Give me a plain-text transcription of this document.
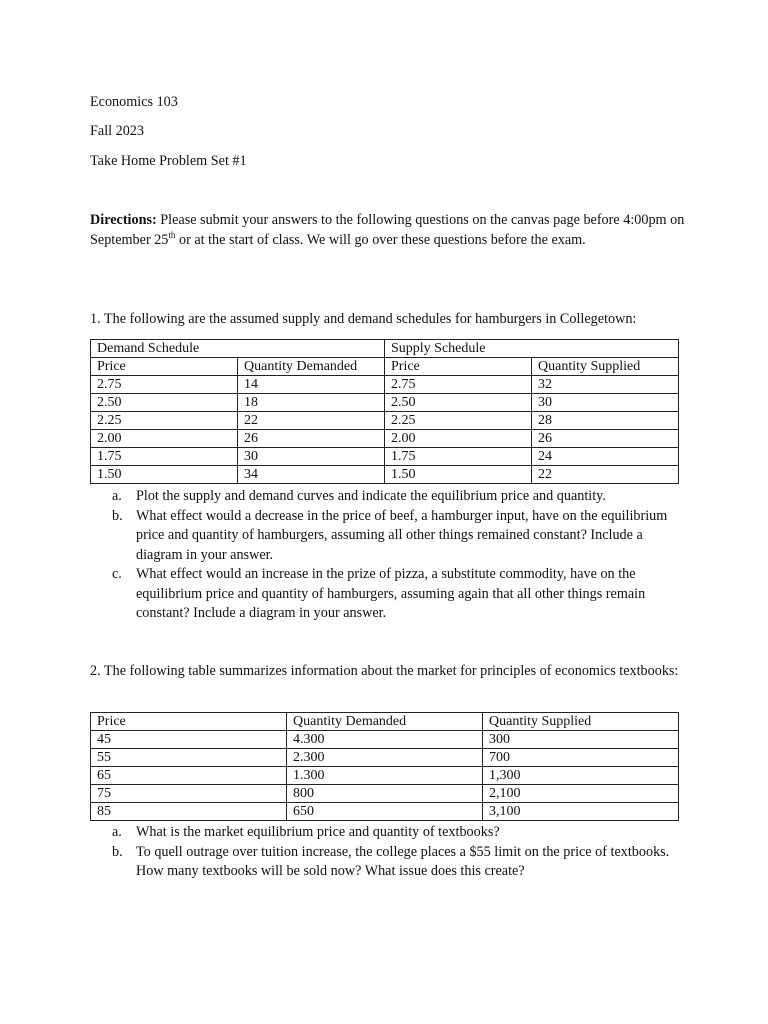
Economics 103
Fall 2023
Take Home Problem Set #1
Directions: Please submit your answers to the following questions on the canvas page before 4:00pm on September 25th or at the start of class. We will go over these questions before the exam.
1. The following are the assumed supply and demand schedules for hamburgers in Collegetown:
Demand Schedule		Supply Schedule	
Price	Quantity Demanded	Price	Quantity Supplied
2.75	14	2.75	32
2.50	18	2.50	30
2.25	22	2.25	28
2.00	26	2.00	26
1.75	30	1.75	24
1.50	34	1.50	22
a. Plot the supply and demand curves and indicate the equilibrium price and quantity.
b. What effect would a decrease in the price of beef, a hamburger input, have on the equilibrium price and quantity of hamburgers, assuming all other things remained constant? Include a diagram in your answer.
c. What effect would an increase in the prize of pizza, a substitute commodity, have on the equilibrium price and quantity of hamburgers, assuming again that all other things remain constant? Include a diagram in your answer.
2. The following table summarizes information about the market for principles of economics textbooks:
Price	Quantity Demanded	Quantity Supplied
45	4.300	300
55	2.300	700
65	1.300	1,300
75	800	2,100
85	650	3,100
a. What is the market equilibrium price and quantity of textbooks?
b. To quell outrage over tuition increase, the college places a $55 limit on the price of textbooks. How many textbooks will be sold now? What issue does this create?
